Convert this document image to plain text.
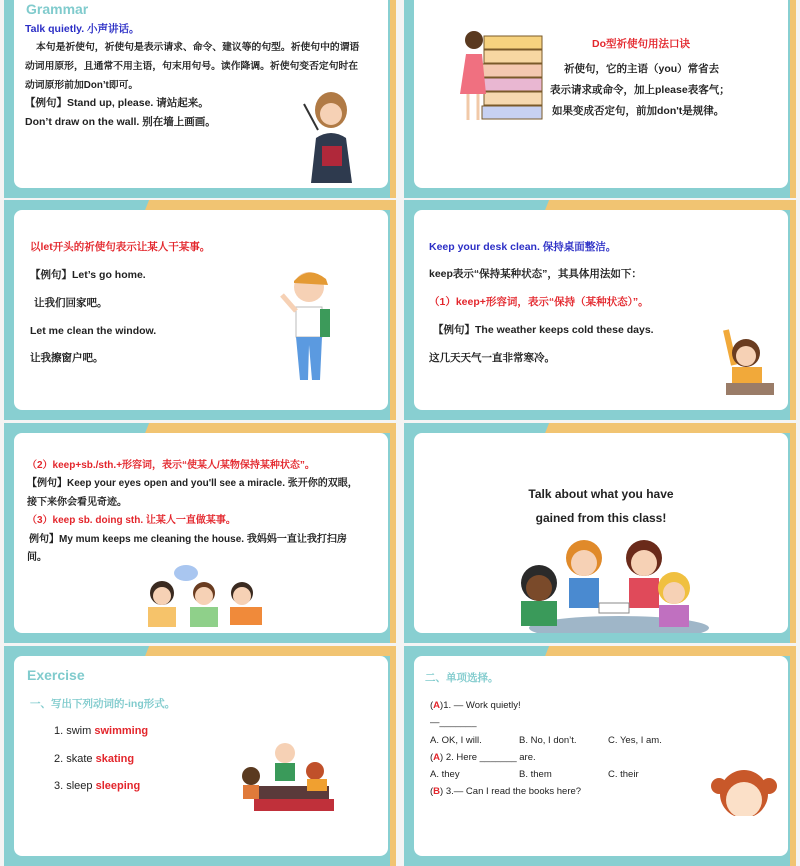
Grammar
Talk quietly. 小声讲话。
本句是祈使句，祈使句是表示请求、命令、建议等的句型。祈使句中的谓语
动词用原形，且通常不用主语，句末用句号。读作降调。祈使句变否定句时在
动词原形前加Don’t即可。
【例句】Stand up, please. 请站起来。
Don’t draw on the wall. 别在墙上画画。
Do型祈使句用法口诀
祈使句，它的主语（you）常省去
表示请求或命令，加上please表客气；
如果变成否定句，前加don't是规律。
以let开头的祈使句表示让某人干某事。
【例句】Let’s go home.
让我们回家吧。
Let me clean the window.
让我擦窗户吧。
Keep your desk clean. 保持桌面整洁。
keep表示“保持某种状态”，其具体用法如下：
（1）keep+形容词，表示“保持（某种状态）”。
【例句】The weather keeps cold these days.
这几天天气一直非常寒冷。
（2）keep+sb./sth.+形容词，表示“使某人/某物保持某种状态”。
【例句】Keep your eyes open and you'll see a miracle. 张开你的双眼，
接下来你会看见奇迹。
（3）keep sb. doing sth. 让某人一直做某事。
例句】My mum keeps me cleaning the house. 我妈妈一直让我打扫房
间。
Talk about what you have
gained from this class!
Exercise
一、写出下列动词的-ing形式。
1. swim swimming
2. skate skating
3. sleep sleeping
二、单项选择。
(A)1. — Work quietly!
—_______
A. OK, I will.	B. No, I don’t.	C. Yes, I am.
(A) 2. Here _______ are.
A. they	B. them	C. their
(B) 3.— Can I read the books here?
